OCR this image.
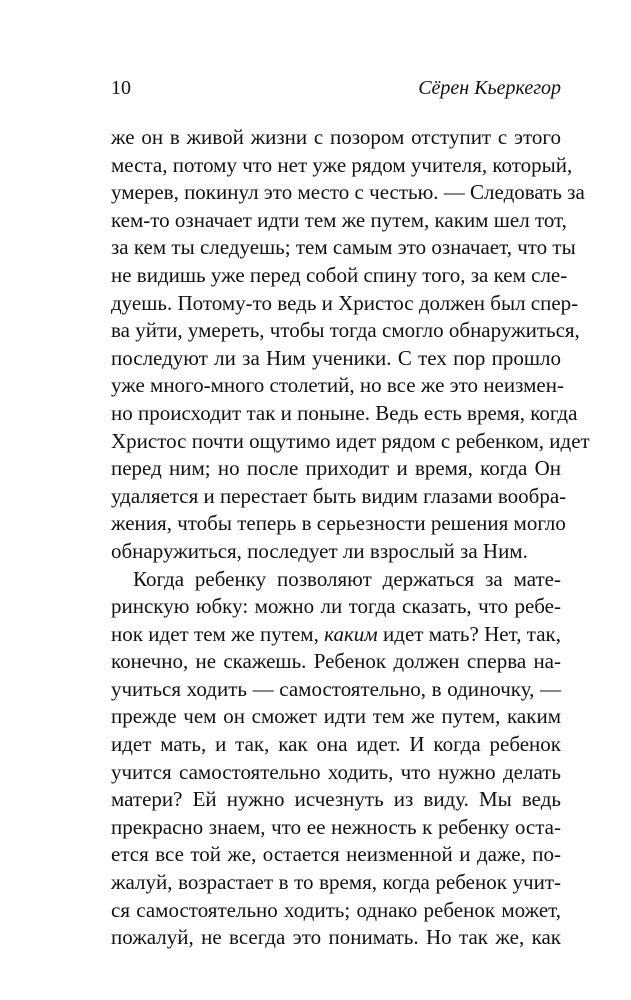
10	Сёрен Кьеркегор
же он в живой жизни с позором отступит с этого
места, потому что нет уже рядом учителя, который,
умерев, покинул это место с честью. — Следовать за
кем-то означает идти тем же путем, каким шел тот,
за кем ты следуешь; тем самым это означает, что ты
не видишь уже перед собой спину того, за кем сле-
дуешь. Потому-то ведь и Христос должен был спер-
ва уйти, умереть, чтобы тогда смогло обнаружиться,
последуют ли за Ним ученики. С тех пор прошло
уже много-много столетий, но все же это неизмен-
но происходит так и поныне. Ведь есть время, когда
Христос почти ощутимо идет рядом с ребенком, идет
перед ним; но после приходит и время, когда Он
удаляется и перестает быть видим глазами вообра-
жения, чтобы теперь в серьезности решения могло
обнаружиться, последует ли взрослый за Ним.
Когда ребенку позволяют держаться за мате-
ринскую юбку: можно ли тогда сказать, что ребе-
нок идет тем же путем, каким идет мать? Нет, так,
конечно, не скажешь. Ребенок должен сперва на-
учиться ходить — самостоятельно, в одиночку, —
прежде чем он сможет идти тем же путем, каким
идет мать, и так, как она идет. И когда ребенок
учится самостоятельно ходить, что нужно делать
матери? Ей нужно исчезнуть из виду. Мы ведь
прекрасно знаем, что ее нежность к ребенку оста-
ется все той же, остается неизменной и даже, по-
жалуй, возрастает в то время, когда ребенок учит-
ся самостоятельно ходить; однако ребенок может,
пожалуй, не всегда это понимать. Но так же, как
